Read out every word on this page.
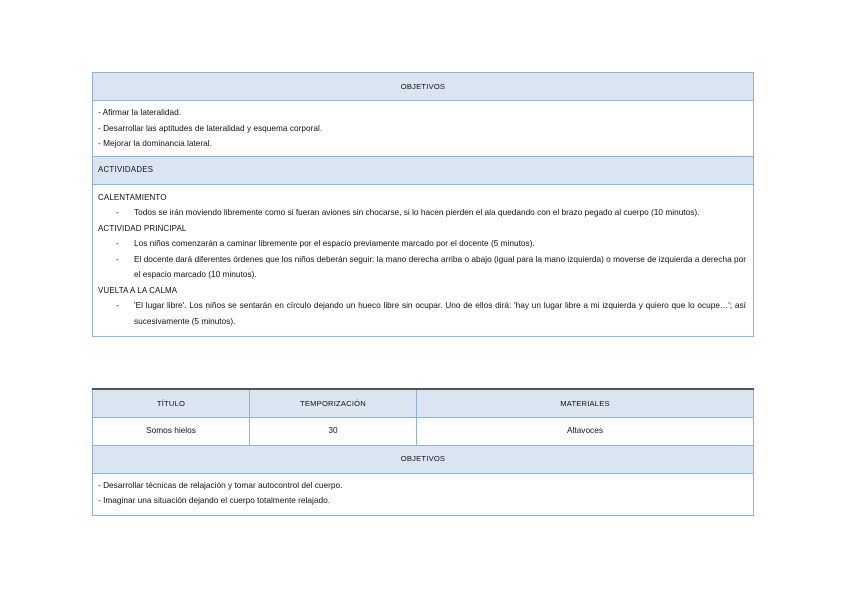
OBJETIVOS

- Afirmar la lateralidad.
- Desarrollar las aptitudes de lateralidad y esquema corporal.
- Mejorar la dominancia lateral.

ACTIVIDADES

CALENTAMIENTO
- Todos se irán moviendo libremente como si fueran aviones sin chocarse, si lo hacen pierden el ala quedando con el brazo pegado al cuerpo (10 minutos).
ACTIVIDAD PRINCIPAL
- Los niños comenzarán a caminar libremente por el espacio previamente marcado por el docente (5 minutos).
- El docente dará diferentes órdenes que los niños deberán seguir: la mano derecha arriba o abajo (igual para la mano izquierda) o moverse de izquierda a derecha por el espacio marcado (10 minutos).
VUELTA A LA CALMA
- 'El lugar libre'. Los niños se sentarán en círculo dejando un hueco libre sin ocupar. Uno de ellos dirá: 'hay un lugar libre a mi izquierda y quiero que lo ocupe…'; así sucesivamente (5 minutos).
TÍTULO	TEMPORIZACIÓN	MATERIALES
Somos hielos	30	Altavoces
OBJETIVOS		

- Desarrollar técnicas de relajación y tomar autocontrol del cuerpo.
- Imaginar una situación dejando el cuerpo totalmente relajado.		
